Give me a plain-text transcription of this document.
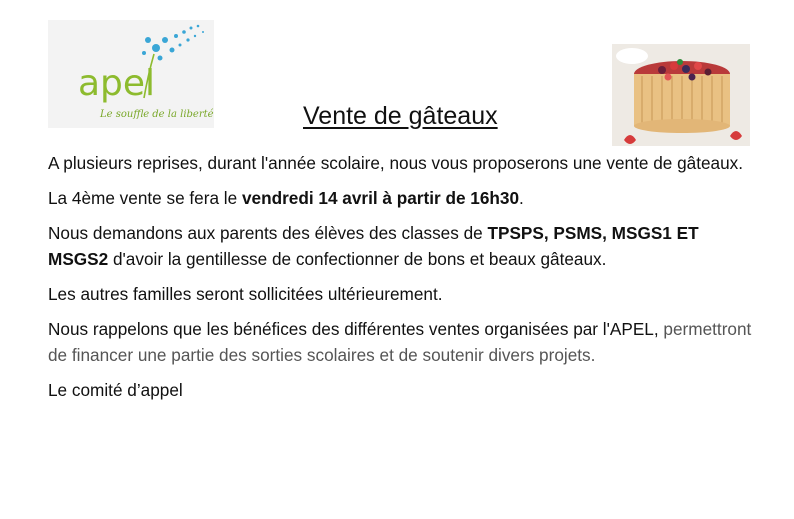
apel
Le souffle de la liberté	Vente de gâteaux

A plusieurs reprises, durant l'année scolaire, nous vous proposerons une vente de gâteaux.

La 4ème vente se fera le vendredi 14 avril à partir de 16h30.

Nous demandons aux parents des élèves des classes de TPSPS, PSMS, MSGS1 ET MSGS2 d'avoir la gentillesse de confectionner de bons et beaux gâteaux.

Les autres familles seront sollicitées ultérieurement.

Nous rappelons que les bénéfices des différentes ventes organisées par l'APEL, permettront de financer une partie des sorties scolaires et de soutenir divers projets.

Le comité d’appel
